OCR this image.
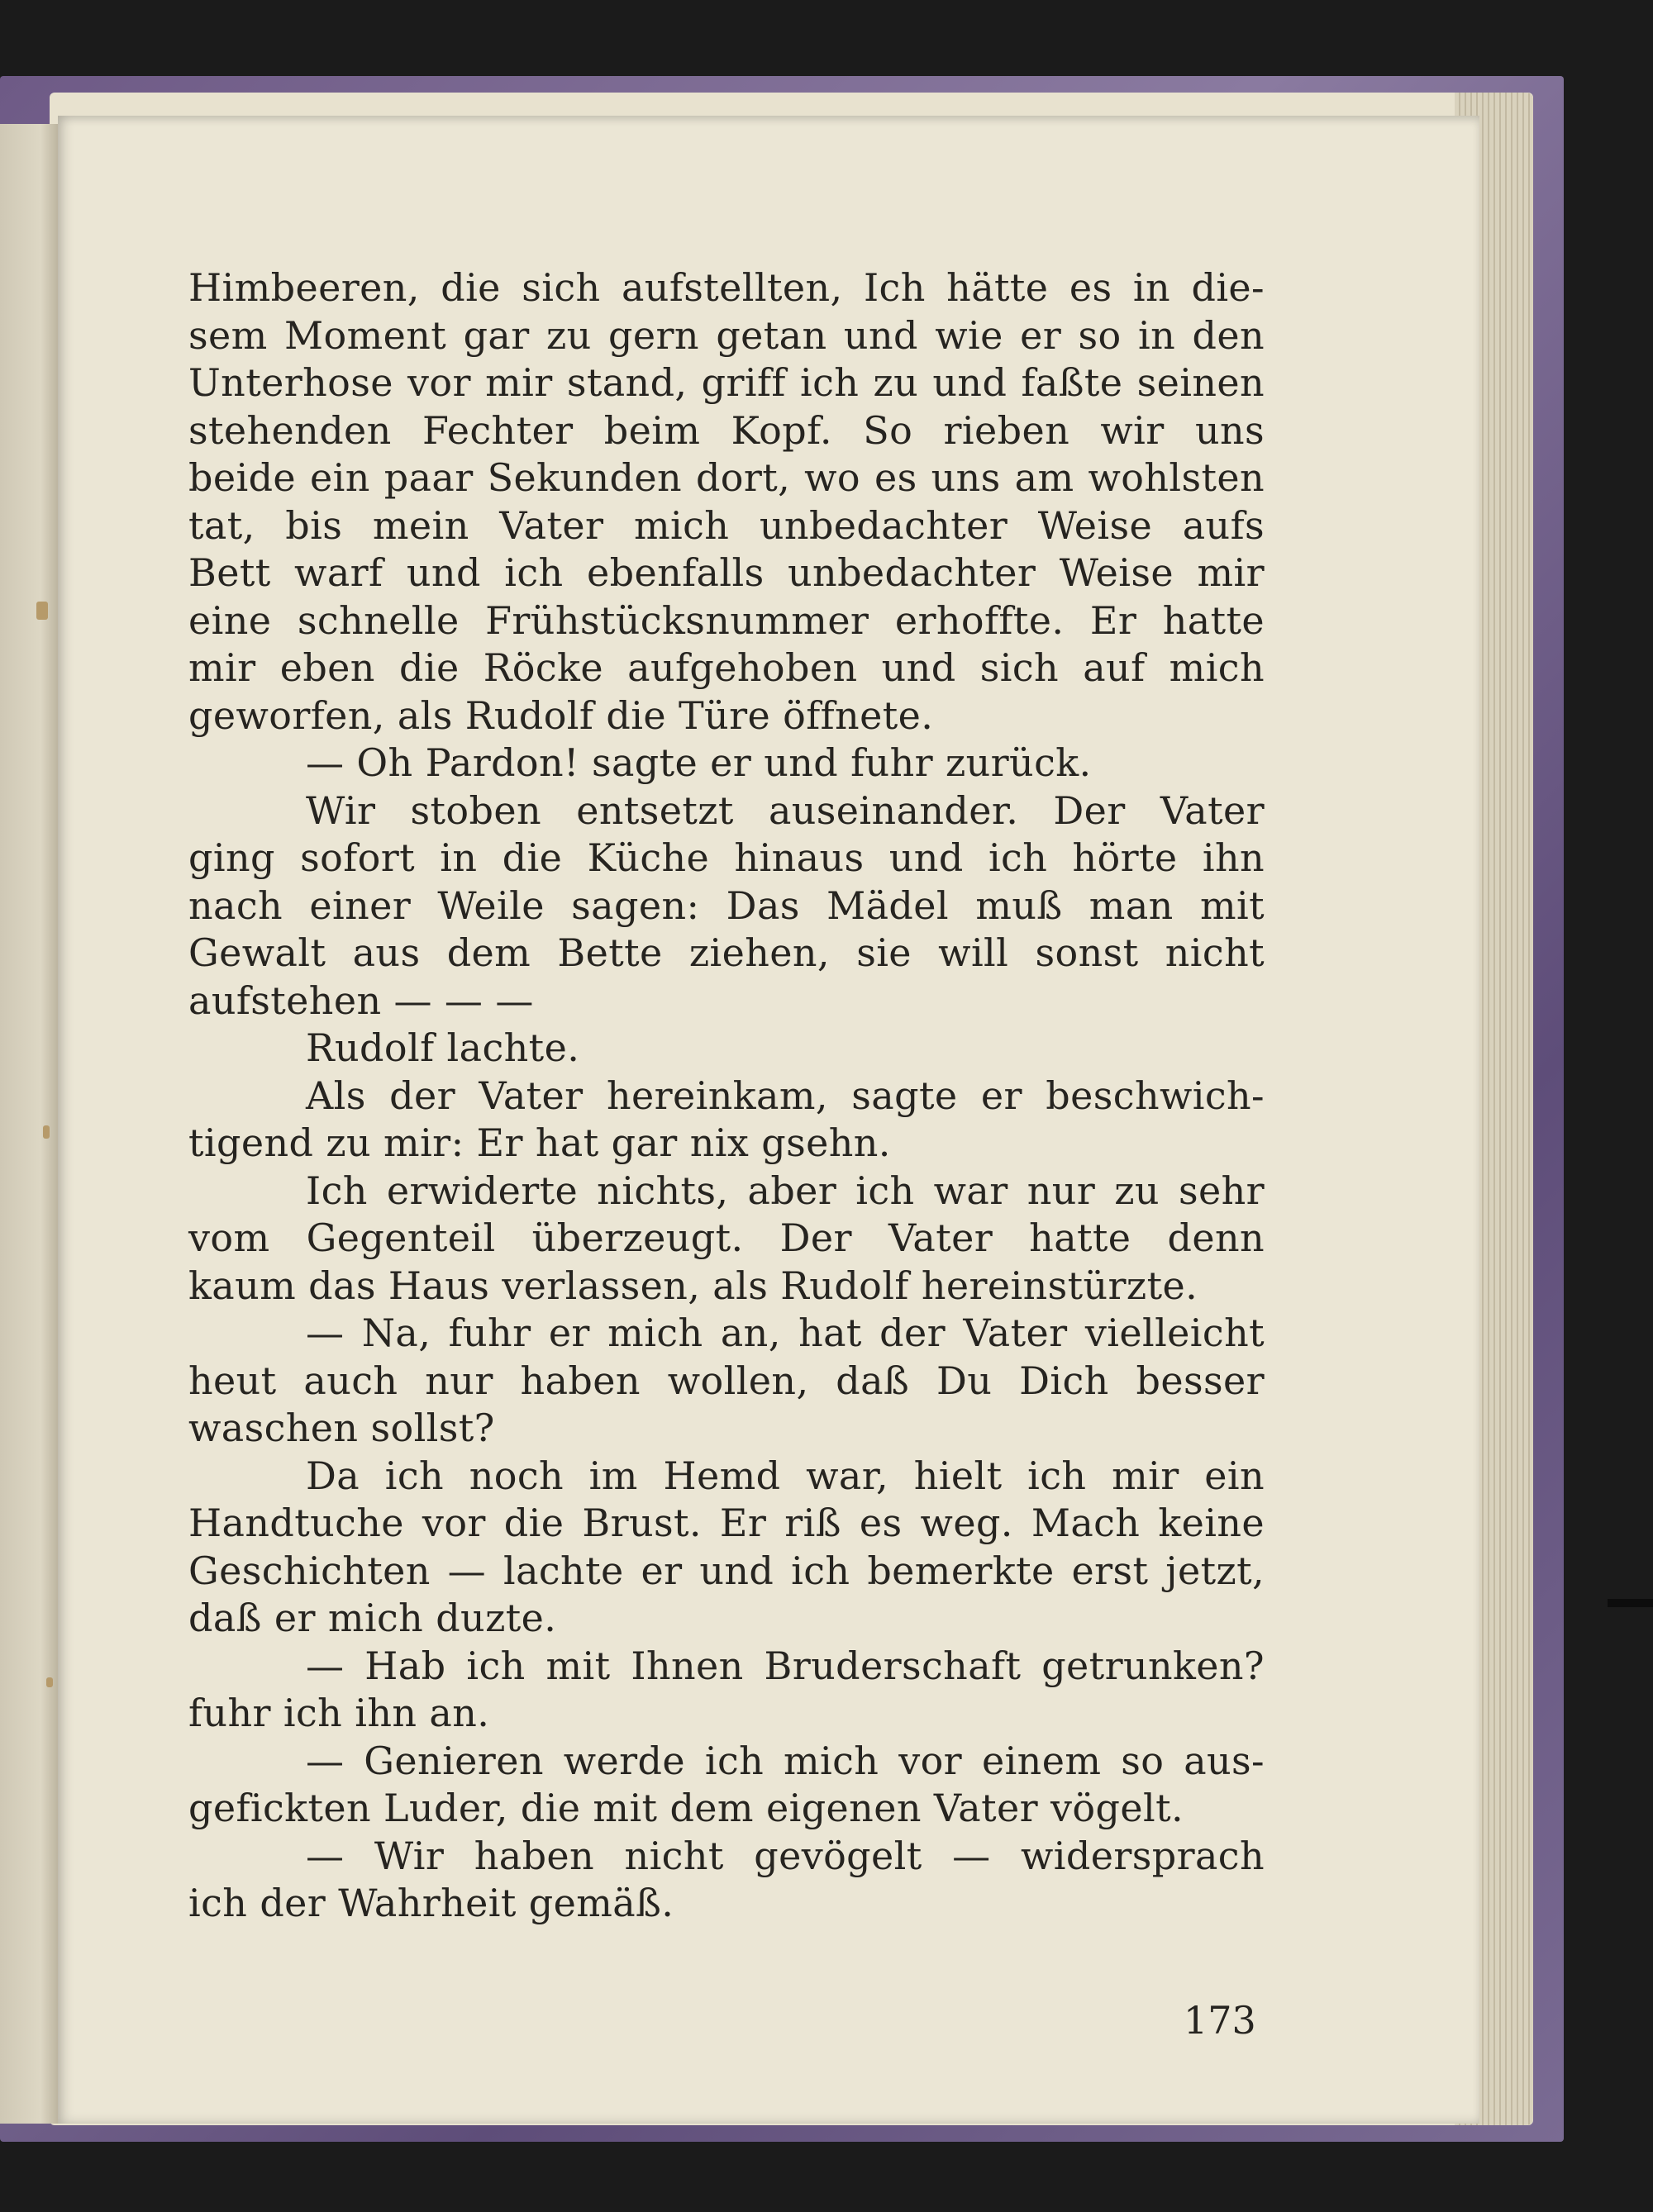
Himbeeren, die sich aufstellten, Ich hätte es in die-
sem Moment gar zu gern getan und wie er so in den
Unterhose vor mir stand, griff ich zu und faßte seinen
stehenden Fechter beim Kopf. So rieben wir uns
beide ein paar Sekunden dort, wo es uns am wohlsten
tat, bis mein Vater mich unbedachter Weise aufs
Bett warf und ich ebenfalls unbedachter Weise mir
eine schnelle Frühstücksnummer erhoffte. Er hatte
mir eben die Röcke aufgehoben und sich auf mich
geworfen, als Rudolf die Türe öffnete.
— Oh Pardon! sagte er und fuhr zurück.
Wir stoben entsetzt auseinander. Der Vater
ging sofort in die Küche hinaus und ich hörte ihn
nach einer Weile sagen: Das Mädel muß man mit
Gewalt aus dem Bette ziehen, sie will sonst nicht
aufstehen — — —
Rudolf lachte.
Als der Vater hereinkam, sagte er beschwich-
tigend zu mir: Er hat gar nix gsehn.
Ich erwiderte nichts, aber ich war nur zu sehr
vom Gegenteil überzeugt. Der Vater hatte denn
kaum das Haus verlassen, als Rudolf hereinstürzte.
— Na, fuhr er mich an, hat der Vater vielleicht
heut auch nur haben wollen, daß Du Dich besser
waschen sollst?
Da ich noch im Hemd war, hielt ich mir ein
Handtuche vor die Brust. Er riß es weg. Mach keine
Geschichten — lachte er und ich bemerkte erst jetzt,
daß er mich duzte.
— Hab ich mit Ihnen Bruderschaft getrunken?
fuhr ich ihn an.
— Genieren werde ich mich vor einem so aus-
gefickten Luder, die mit dem eigenen Vater vögelt.
— Wir haben nicht gevögelt — widersprach
ich der Wahrheit gemäß.
173
